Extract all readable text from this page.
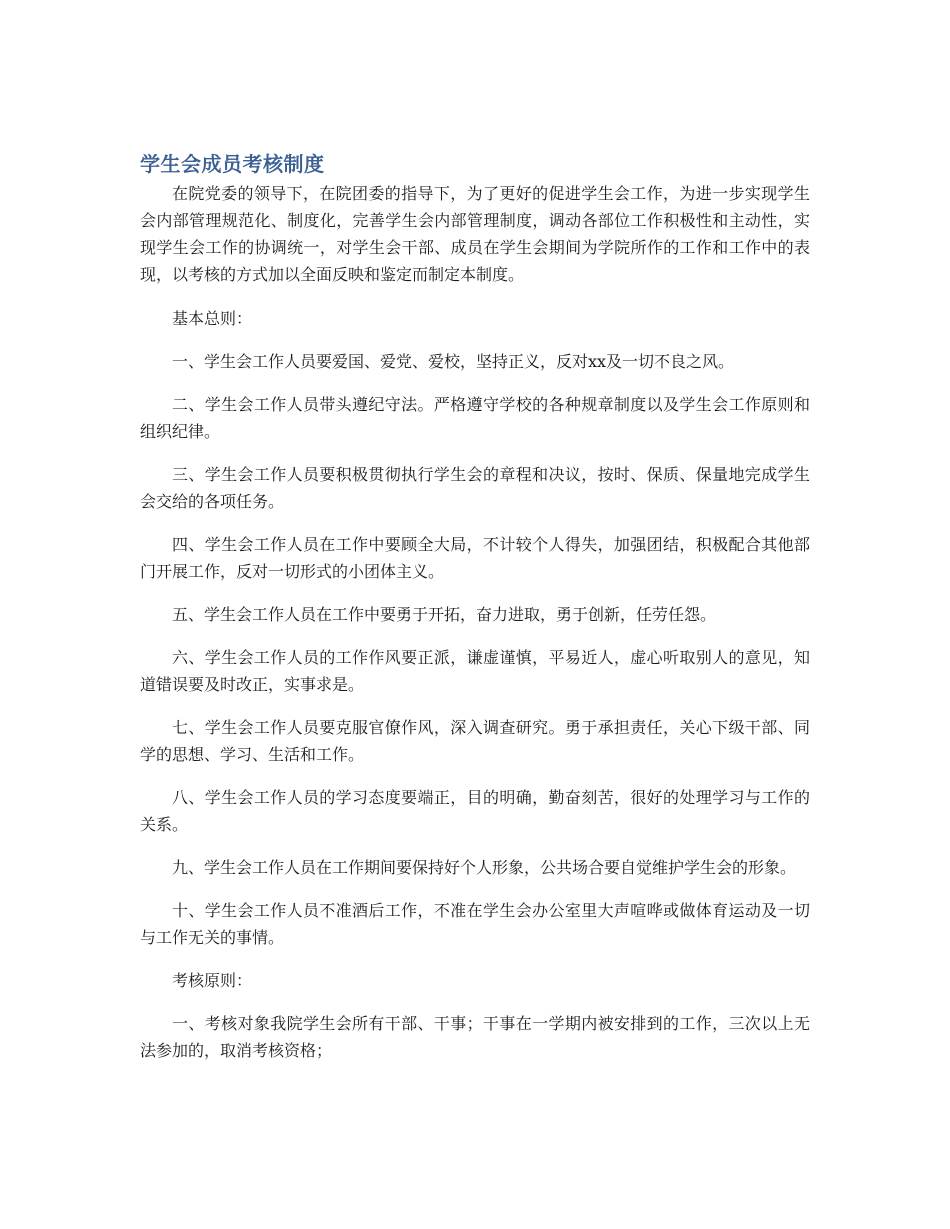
学生会成员考核制度

在院党委的领导下，在院团委的指导下，为了更好的促进学生会工作，为进一步实现学生会内部管理规范化、制度化，完善学生会内部管理制度，调动各部位工作积极性和主动性，实现学生会工作的协调统一，对学生会干部、成员在学生会期间为学院所作的工作和工作中的表现，以考核的方式加以全面反映和鉴定而制定本制度。

基本总则：

一、学生会工作人员要爱国、爱党、爱校，坚持正义，反对xx及一切不良之风。

二、学生会工作人员带头遵纪守法。严格遵守学校的各种规章制度以及学生会工作原则和组织纪律。

三、学生会工作人员要积极贯彻执行学生会的章程和决议，按时、保质、保量地完成学生会交给的各项任务。

四、学生会工作人员在工作中要顾全大局，不计较个人得失，加强团结，积极配合其他部门开展工作，反对一切形式的小团体主义。

五、学生会工作人员在工作中要勇于开拓，奋力进取，勇于创新，任劳任怨。

六、学生会工作人员的工作作风要正派，谦虚谨慎，平易近人，虚心听取别人的意见，知道错误要及时改正，实事求是。

七、学生会工作人员要克服官僚作风，深入调查研究。勇于承担责任，关心下级干部、同学的思想、学习、生活和工作。

八、学生会工作人员的学习态度要端正，目的明确，勤奋刻苦，很好的处理学习与工作的关系。

九、学生会工作人员在工作期间要保持好个人形象，公共场合要自觉维护学生会的形象。

十、学生会工作人员不准酒后工作，不准在学生会办公室里大声喧哗或做体育运动及一切与工作无关的事情。

考核原则：

一、考核对象我院学生会所有干部、干事；干事在一学期内被安排到的工作，三次以上无法参加的，取消考核资格；
